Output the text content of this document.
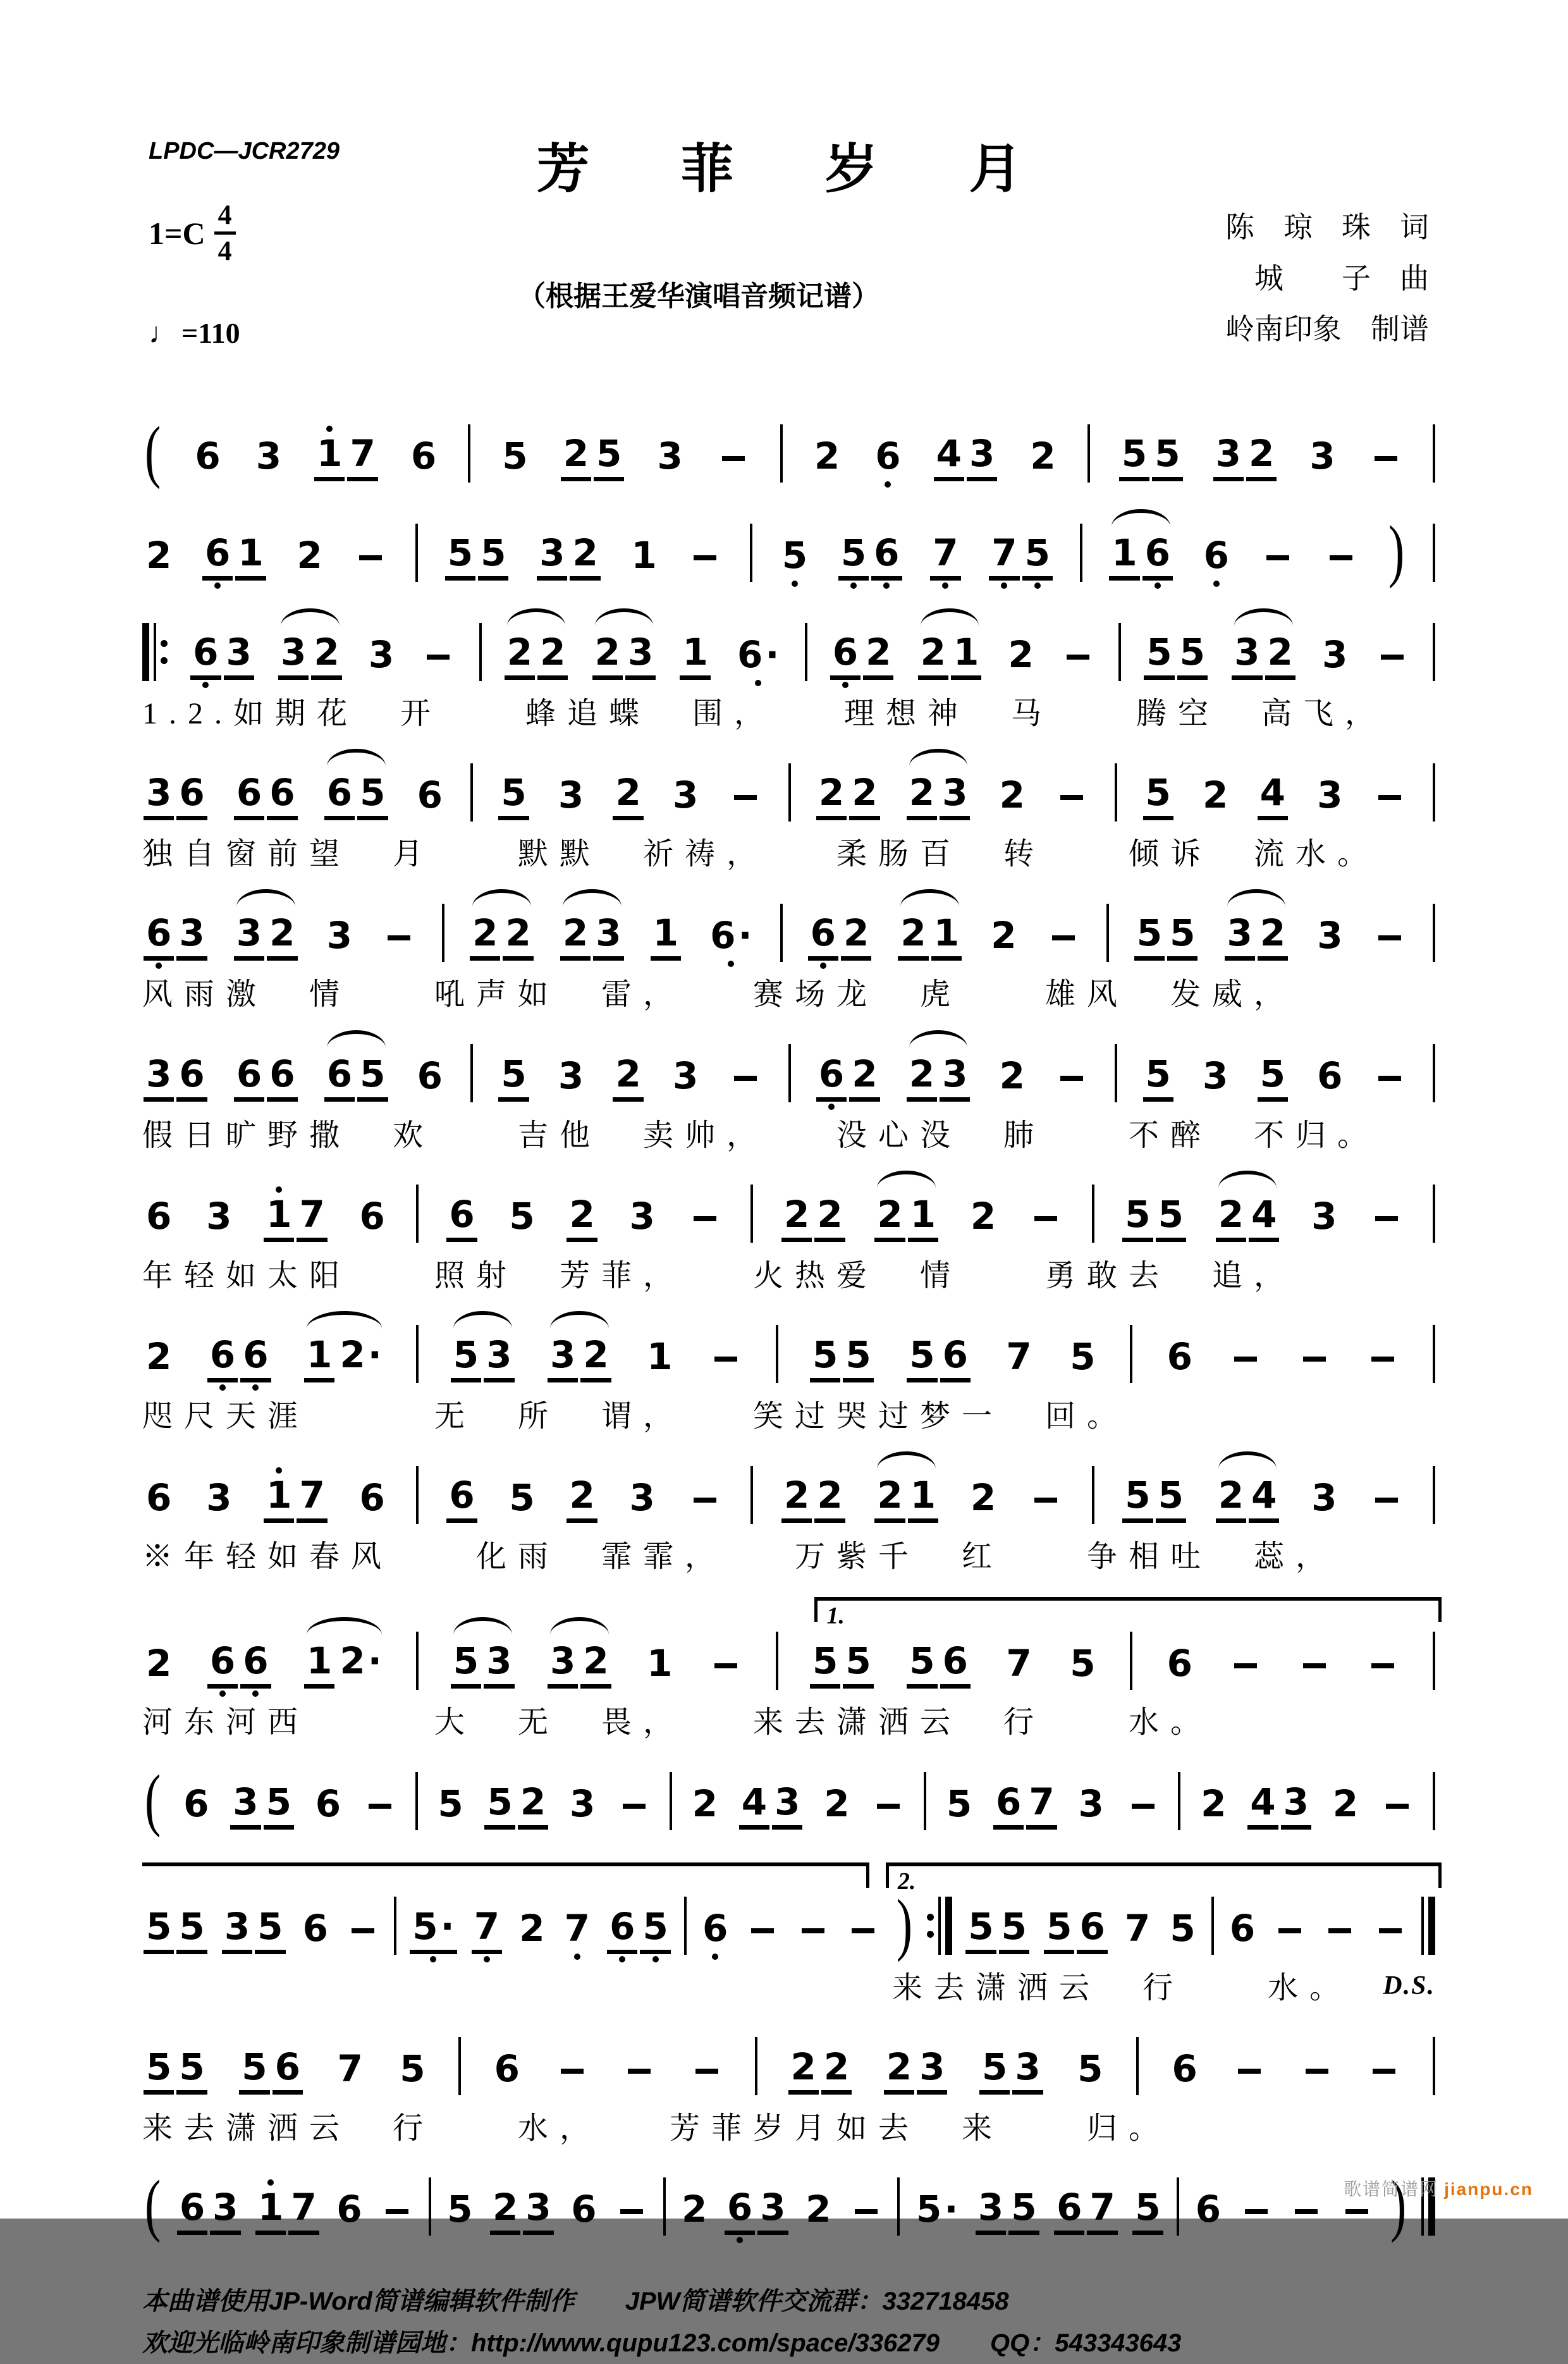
LPDC—JCR2729	芳　菲　岁　月
$1=C \frac{4}{4}$
（根据王爱华演唱音频记谱）
♩ =110
陈　琼　珠　词
城　　子　曲
岭南印象　制谱
( 6 3 1 7 6 5 2 5 3	2 6 4 3 2 5 5 3 2 3
2 6 1 2	5 5 3 2 1	5 5 6 7 7 5 1 6 6	)
6 3 3 2 3	2 2 2 3 1 6 · 6 2 2 1 2	5 5 3 2 3
1.2.如期花　开　　蜂追蝶　围，　　理想神　马　　腾空　高飞，
3 6 6 6 6 5 6 5 3 2 3	2 2 2 3 2	5 2 4 3
独自窗前望　月　　默默　祈祷，　　柔肠百　转　　倾诉　流水。
6 3 3 2 3	2 2 2 3 1 6 · 6 2 2 1 2	5 5 3 2 3
风雨激　情　　吼声如　雷，　　赛场龙　虎　　雄风　发威，
3 6 6 6 6 5 6 5 3 2 3	6 2 2 3 2	5 3 5 6
假日旷野撒　欢　　吉他　卖帅，　　没心没　肺　　不醉　不归。
6 3 1 7 6 6 5 2 3	2 2 2 1 2	5 5 2 4 3
年轻如太阳　　照射　芳菲，　　火热爱　情　　勇敢去　追，
2 6 6 1 2 · 5 3 3 2 1	5 5 5 6 7 5 6
咫尺天涯　　　无　所　谓，　　笑过哭过梦一　回。
6 3 1 7 6 6 5 2 3	2 2 2 1 2	5 5 2 4 3
※年轻如春风　　化雨　霏霏，　　万紫千　红　　争相吐　蕊，
1.
2 6 6 1 2 · 5 3 3 2 1	5 5 5 6 7 5 6
河东河西　　　大　无　畏，　　来去潇洒云　行　　水。
( 6 3 5 6	5 5 2 3	2 4 3 2	5 6 7 3	2 4 3 2
2.
5 5 3 5 6 5 · 7 2 7 6 5 6	) 5 5 5 6 7 5 6
来去潇洒云　行　　水。 D.S.
5 5 5 6 7 5 6	2 2 2 3 5 3 5 6
来去潇洒云　行　　水，　　芳菲岁月如去　来　　归。
( 6 3 1 7 6 5 2 3 6 2 6 3 2 5 · 3 5 6 7 5 6	)
本曲谱使用JP-Word简谱编辑软件制作　　JPW简谱软件交流群：332718458
欢迎光临岭南印象制谱园地：http://www.qupu123.com/space/336279　　QQ：543343643
歌谱简谱网 jianpu.cn
